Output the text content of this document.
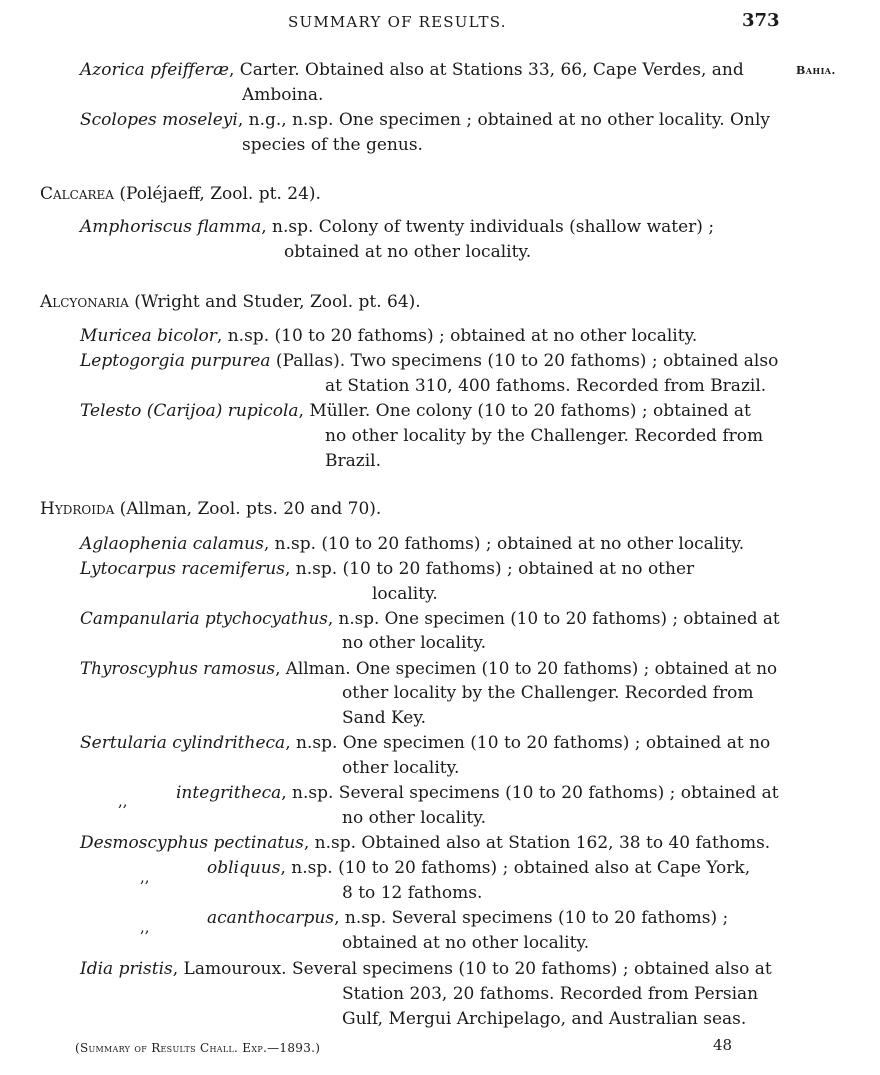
SUMMARY OF RESULTS.	373
Bahia.
Azorica pfeifferæ, Carter. Obtained also at Stations 33, 66, Cape Verdes, and
Amboina.
Scolopes moseleyi, n.g., n.sp. One specimen ; obtained at no other locality. Only
species of the genus.
Calcarea (Poléjaeff, Zool. pt. 24).
Amphoriscus flamma, n.sp. Colony of twenty individuals (shallow water) ;
obtained at no other locality.
Alcyonaria (Wright and Studer, Zool. pt. 64).
Muricea bicolor, n.sp. (10 to 20 fathoms) ; obtained at no other locality.
Leptogorgia purpurea (Pallas). Two specimens (10 to 20 fathoms) ; obtained also
at Station 310, 400 fathoms. Recorded from Brazil.
Telesto (Carijoa) rupicola, Müller. One colony (10 to 20 fathoms) ; obtained at
no other locality by the Challenger. Recorded from
Brazil.
Hydroida (Allman, Zool. pts. 20 and 70).
Aglaophenia calamus, n.sp. (10 to 20 fathoms) ; obtained at no other locality.
Lytocarpus racemiferus, n.sp. (10 to 20 fathoms) ; obtained at no other
locality.
Campanularia ptychocyathus, n.sp. One specimen (10 to 20 fathoms) ; obtained at
no other locality.
Thyroscyphus ramosus, Allman. One specimen (10 to 20 fathoms) ; obtained at no
other locality by the Challenger. Recorded from
Sand Key.
Sertularia cylindritheca, n.sp. One specimen (10 to 20 fathoms) ; obtained at no
other locality.
,,	integritheca, n.sp. Several specimens (10 to 20 fathoms) ; obtained at
no other locality.
Desmoscyphus pectinatus, n.sp. Obtained also at Station 162, 38 to 40 fathoms.
,,	obliquus, n.sp. (10 to 20 fathoms) ; obtained also at Cape York,
8 to 12 fathoms.
,,	acanthocarpus, n.sp. Several specimens (10 to 20 fathoms) ;
obtained at no other locality.
Idia pristis, Lamouroux. Several specimens (10 to 20 fathoms) ; obtained also at
Station 203, 20 fathoms. Recorded from Persian
Gulf, Mergui Archipelago, and Australian seas.
(Summary of Results Chall. Exp.—1893.)	48
